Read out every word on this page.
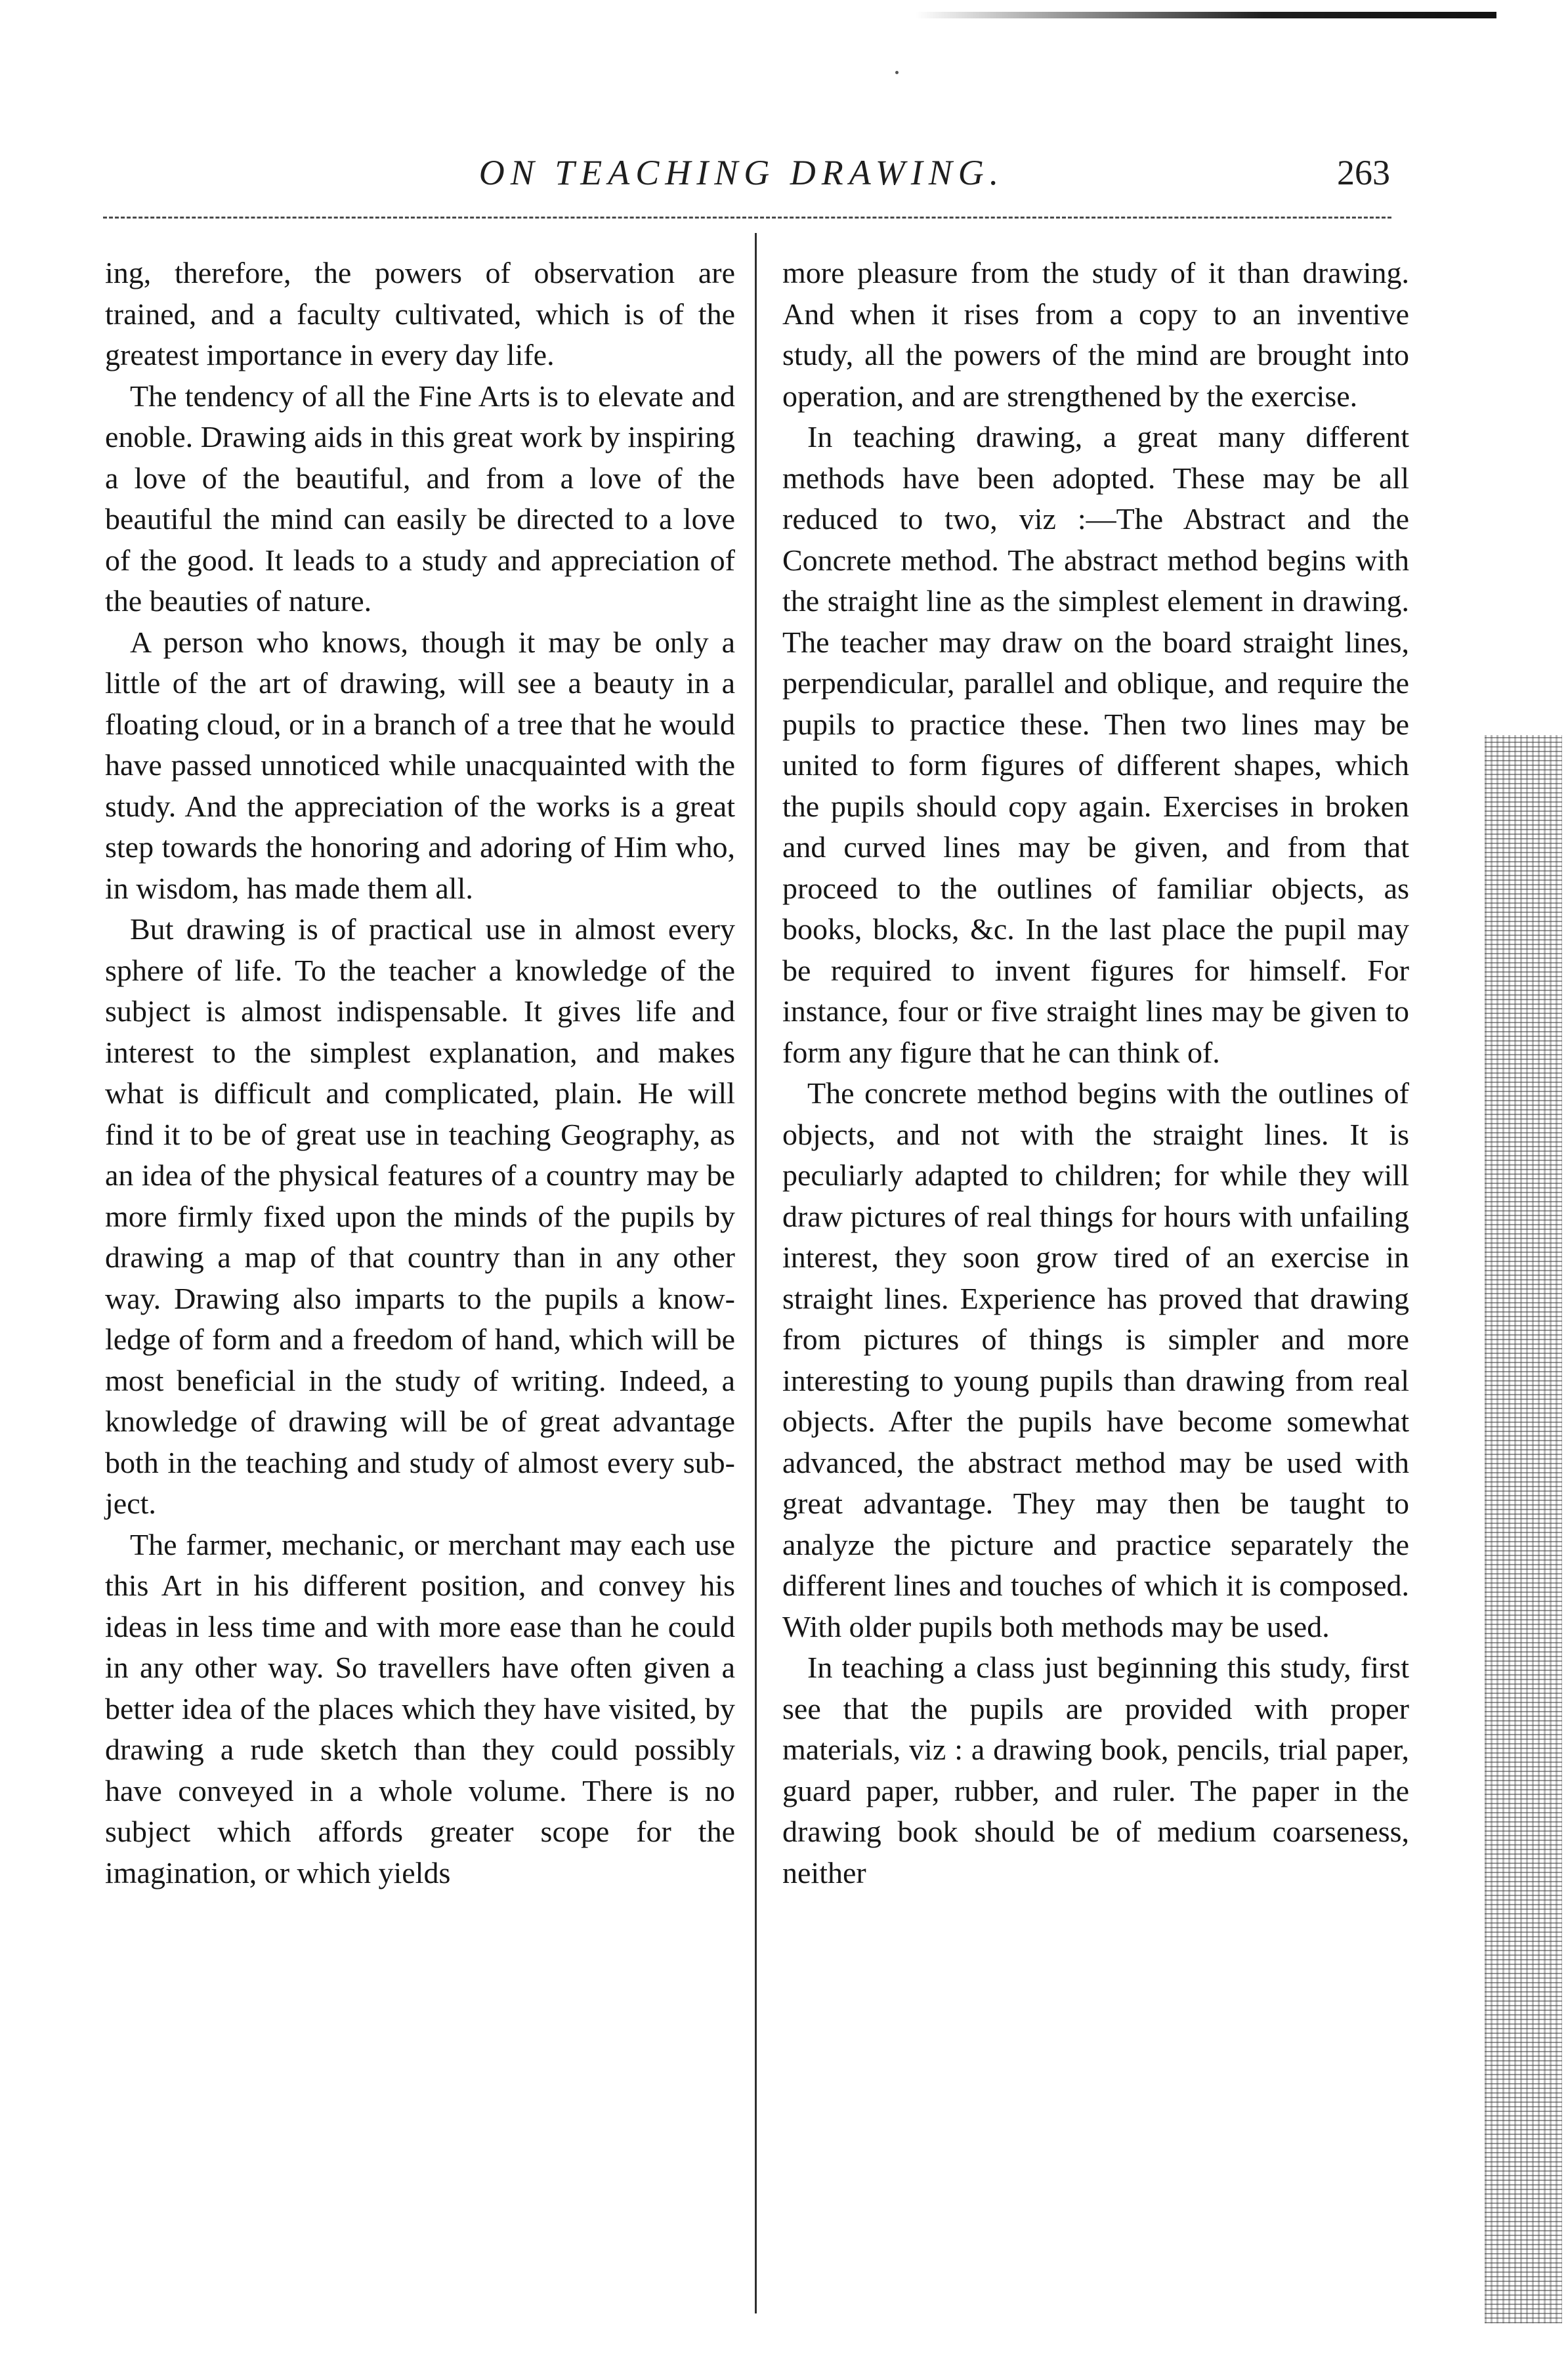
ON TEACHING DRAWING.	263

ing, therefore, the powers of observation are trained, and a faculty cultivated, which is of the greatest importance in every day life.

The tendency of all the Fine Arts is to elevate and enoble. Drawing aids in this great work by inspiring a love of the beautiful, and from a love of the beautiful the mind can easily be directed to a love of the good. It leads to a study and appreciation of the beauties of nature.

A person who knows, though it may be only a little of the art of drawing, will see a beauty in a floating cloud, or in a branch of a tree that he would have passed unnoticed while unacquainted with the study. And the appreciation of the works is a great step towards the honoring and adoring of Him who, in wisdom, has made them all.

But drawing is of practical use in almost every sphere of life. To the teacher a knowledge of the subject is almost indispensable. It gives life and interest to the simplest explanation, and makes what is difficult and complicated, plain. He will find it to be of great use in teaching Geography, as an idea of the physical features of a country may be more firmly fixed upon the minds of the pupils by drawing a map of that country than in any other way. Drawing also imparts to the pupils a knowledge of form and a freedom of hand, which will be most beneficial in the study of writing. Indeed, a knowledge of drawing will be of great advantage both in the teaching and study of almost every subject.

The farmer, mechanic, or merchant may each use this Art in his different position, and convey his ideas in less time and with more ease than he could in any other way. So travellers have often given a better idea of the places which they have visited, by drawing a rude sketch than they could possibly have conveyed in a whole volume. There is no subject which affords greater scope for the imagination, or which yields

more pleasure from the study of it than drawing. And when it rises from a copy to an inventive study, all the powers of the mind are brought into operation, and are strengthened by the exercise.

In teaching drawing, a great many different methods have been adopted. These may be all reduced to two, viz :—The Abstract and the Concrete method. The abstract method begins with the straight line as the simplest element in drawing. The teacher may draw on the board straight lines, perpendicular, parallel and oblique, and require the pupils to practice these. Then two lines may be united to form figures of different shapes, which the pupils should copy again. Exercises in broken and curved lines may be given, and from that proceed to the outlines of familiar objects, as books, blocks, &c. In the last place the pupil may be required to invent figures for himself. For instance, four or five straight lines may be given to form any figure that he can think of.

The concrete method begins with the outlines of objects, and not with the straight lines. It is peculiarly adapted to children; for while they will draw pictures of real things for hours with unfailing interest, they soon grow tired of an exercise in straight lines. Experience has proved that drawing from pictures of things is simpler and more interesting to young pupils than drawing from real objects. After the pupils have become somewhat advanced, the abstract method may be used with great advantage. They may then be taught to analyze the picture and practice separately the different lines and touches of which it is composed. With older pupils both methods may be used.

In teaching a class just beginning this study, first see that the pupils are provided with proper materials, viz : a drawing book, pencils, trial paper, guard paper, rubber, and ruler. The paper in the drawing book should be of medium coarseness, neither
